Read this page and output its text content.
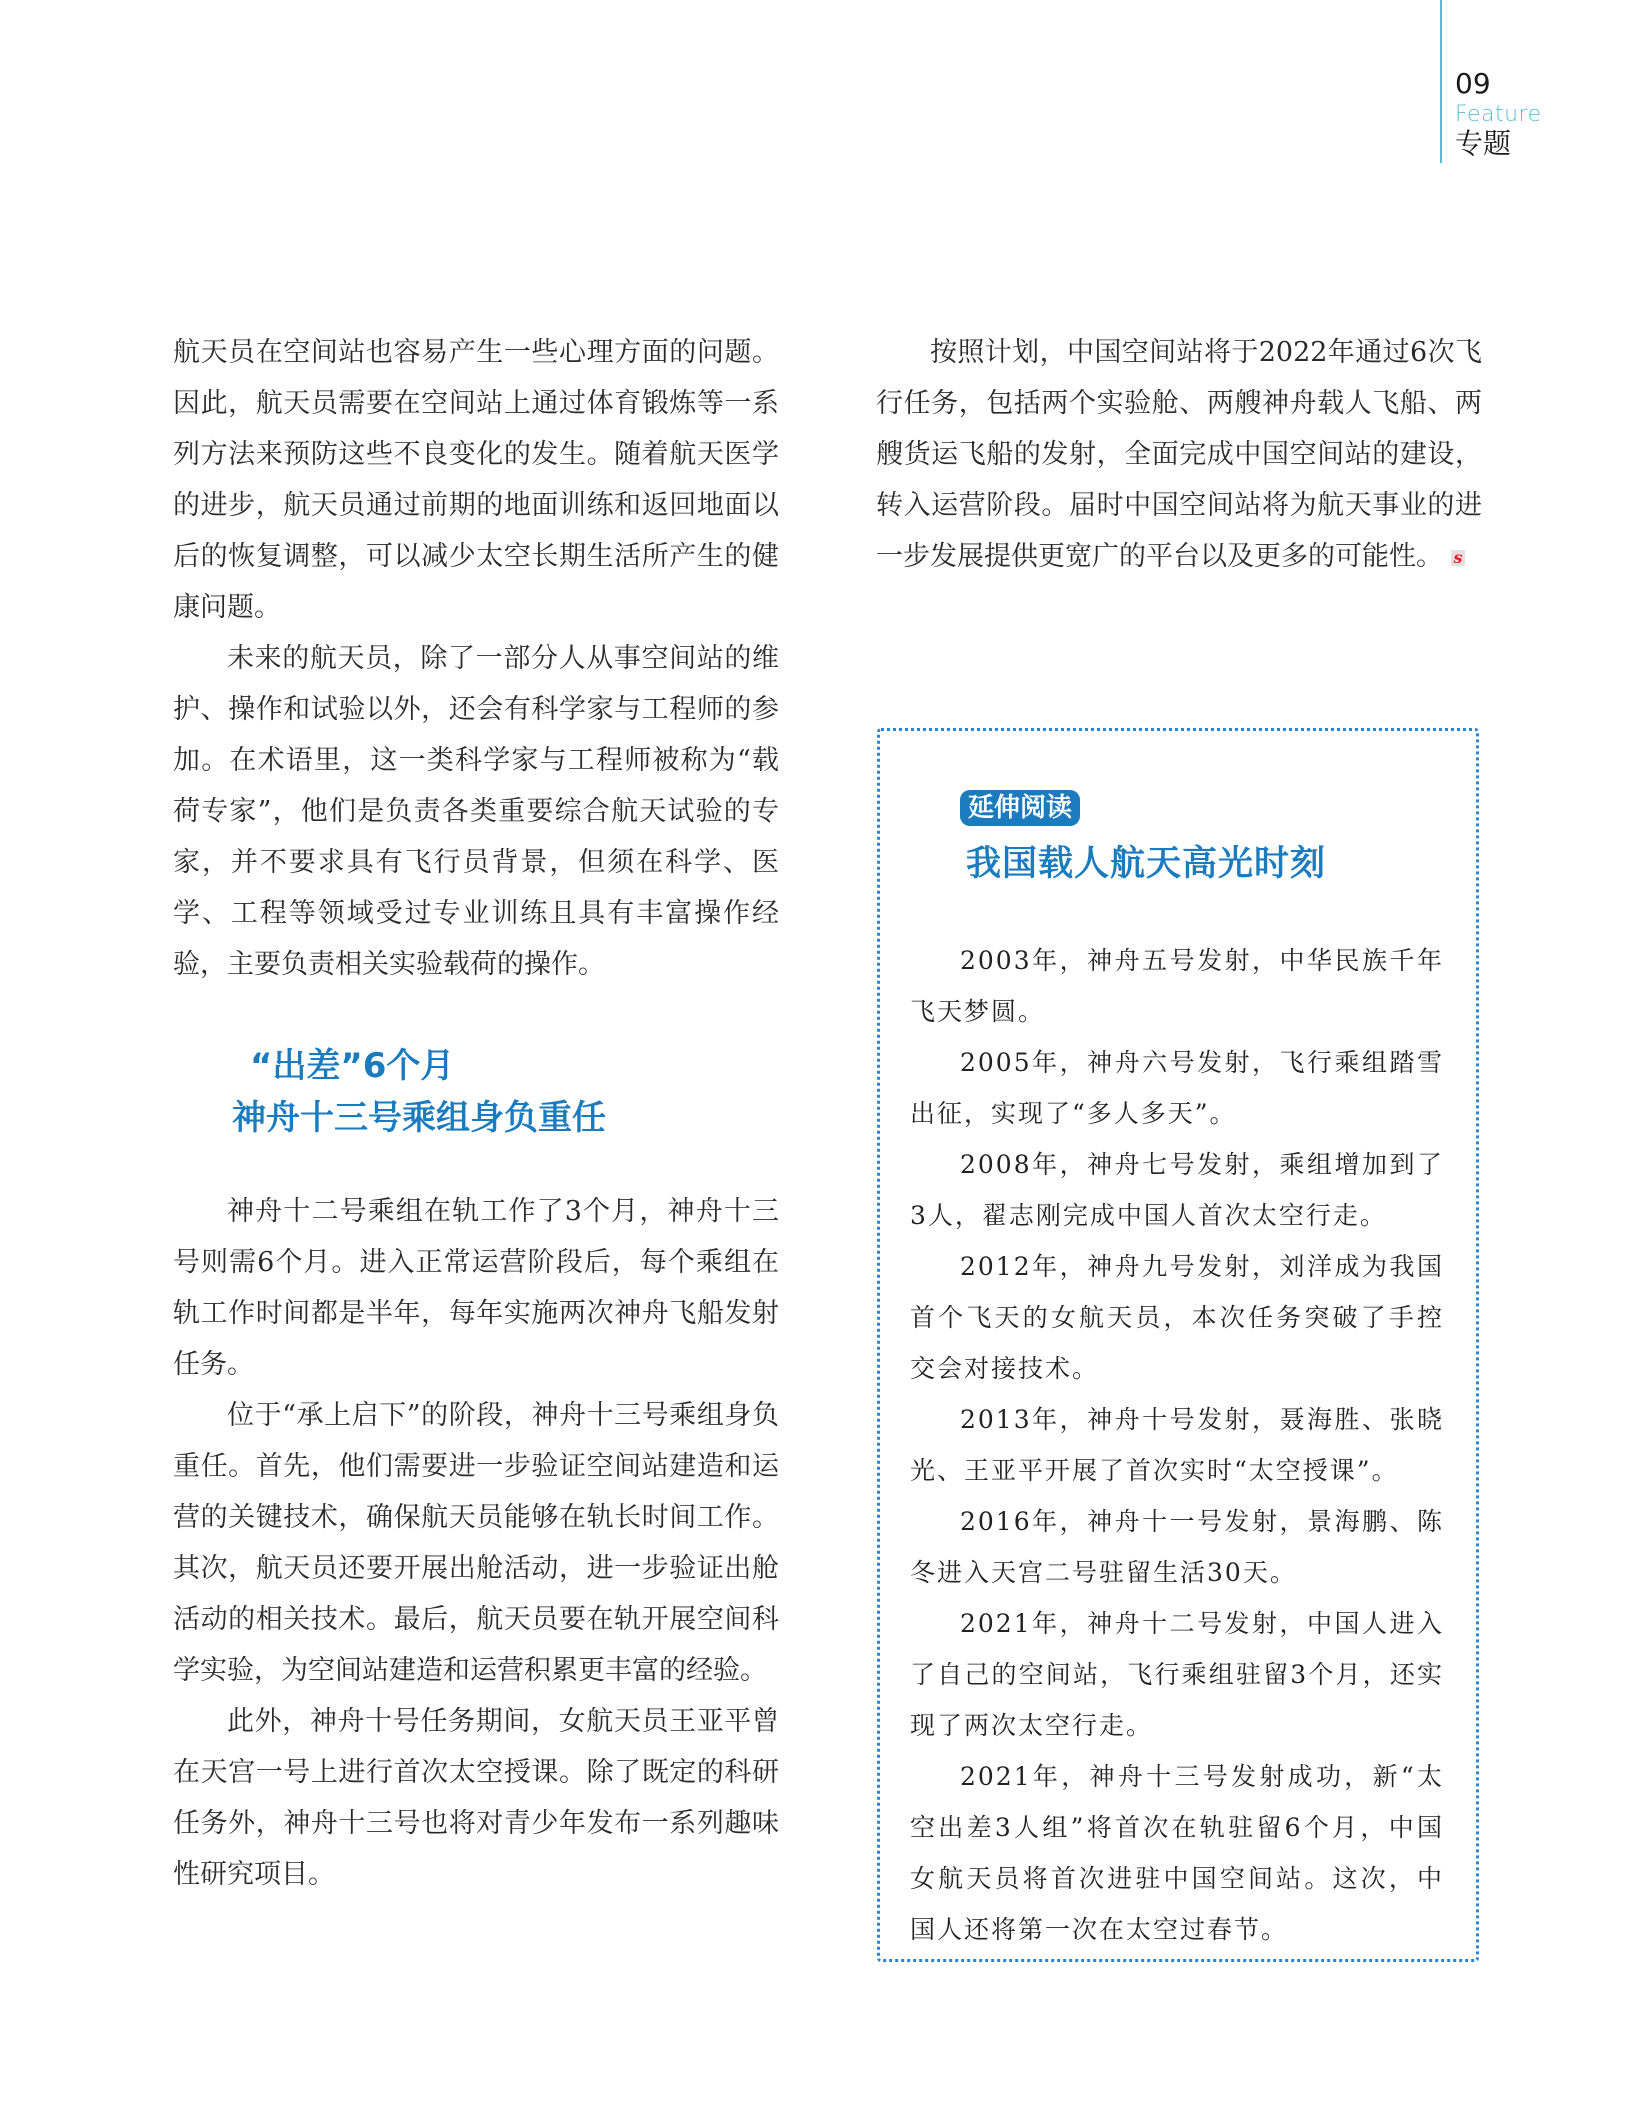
09
Feature
专题

航天员在空间站也容易产生一些心理方面的问题。因此，航天员需要在空间站上通过体育锻炼等一系列方法来预防这些不良变化的发生。随着航天医学的进步，航天员通过前期的地面训练和返回地面以后的恢复调整，可以减少太空长期生活所产生的健康问题。

未来的航天员，除了一部分人从事空间站的维护、操作和试验以外，还会有科学家与工程师的参加。在术语里，这一类科学家与工程师被称为“载荷专家”，他们是负责各类重要综合航天试验的专家，并不要求具有飞行员背景，但须在科学、医学、工程等领域受过专业训练且具有丰富操作经验，主要负责相关实验载荷的操作。

“出差”6个月
神舟十三号乘组身负重任

神舟十二号乘组在轨工作了3个月，神舟十三号则需6个月。进入正常运营阶段后，每个乘组在轨工作时间都是半年，每年实施两次神舟飞船发射任务。

位于“承上启下”的阶段，神舟十三号乘组身负重任。首先，他们需要进一步验证空间站建造和运营的关键技术，确保航天员能够在轨长时间工作。其次，航天员还要开展出舱活动，进一步验证出舱活动的相关技术。最后，航天员要在轨开展空间科学实验，为空间站建造和运营积累更丰富的经验。

此外，神舟十号任务期间，女航天员王亚平曾在天宫一号上进行首次太空授课。除了既定的科研任务外，神舟十三号也将对青少年发布一系列趣味性研究项目。

按照计划，中国空间站将于2022年通过6次飞行任务，包括两个实验舱、两艘神舟载人飞船、两艘货运飞船的发射，全面完成中国空间站的建设，转入运营阶段。届时中国空间站将为航天事业的进一步发展提供更宽广的平台以及更多的可能性。 s

延伸阅读
我国载人航天高光时刻

2003年，神舟五号发射，中华民族千年飞天梦圆。

2005年，神舟六号发射，飞行乘组踏雪出征，实现了“多人多天”。

2008年，神舟七号发射，乘组增加到了3人，翟志刚完成中国人首次太空行走。

2012年，神舟九号发射，刘洋成为我国首个飞天的女航天员，本次任务突破了手控交会对接技术。

2013年，神舟十号发射，聂海胜、张晓光、王亚平开展了首次实时“太空授课”。

2016年，神舟十一号发射，景海鹏、陈冬进入天宫二号驻留生活30天。

2021年，神舟十二号发射，中国人进入了自己的空间站，飞行乘组驻留3个月，还实现了两次太空行走。

2021年，神舟十三号发射成功，新“太空出差3人组”将首次在轨驻留6个月，中国女航天员将首次进驻中国空间站。这次，中国人还将第一次在太空过春节。
